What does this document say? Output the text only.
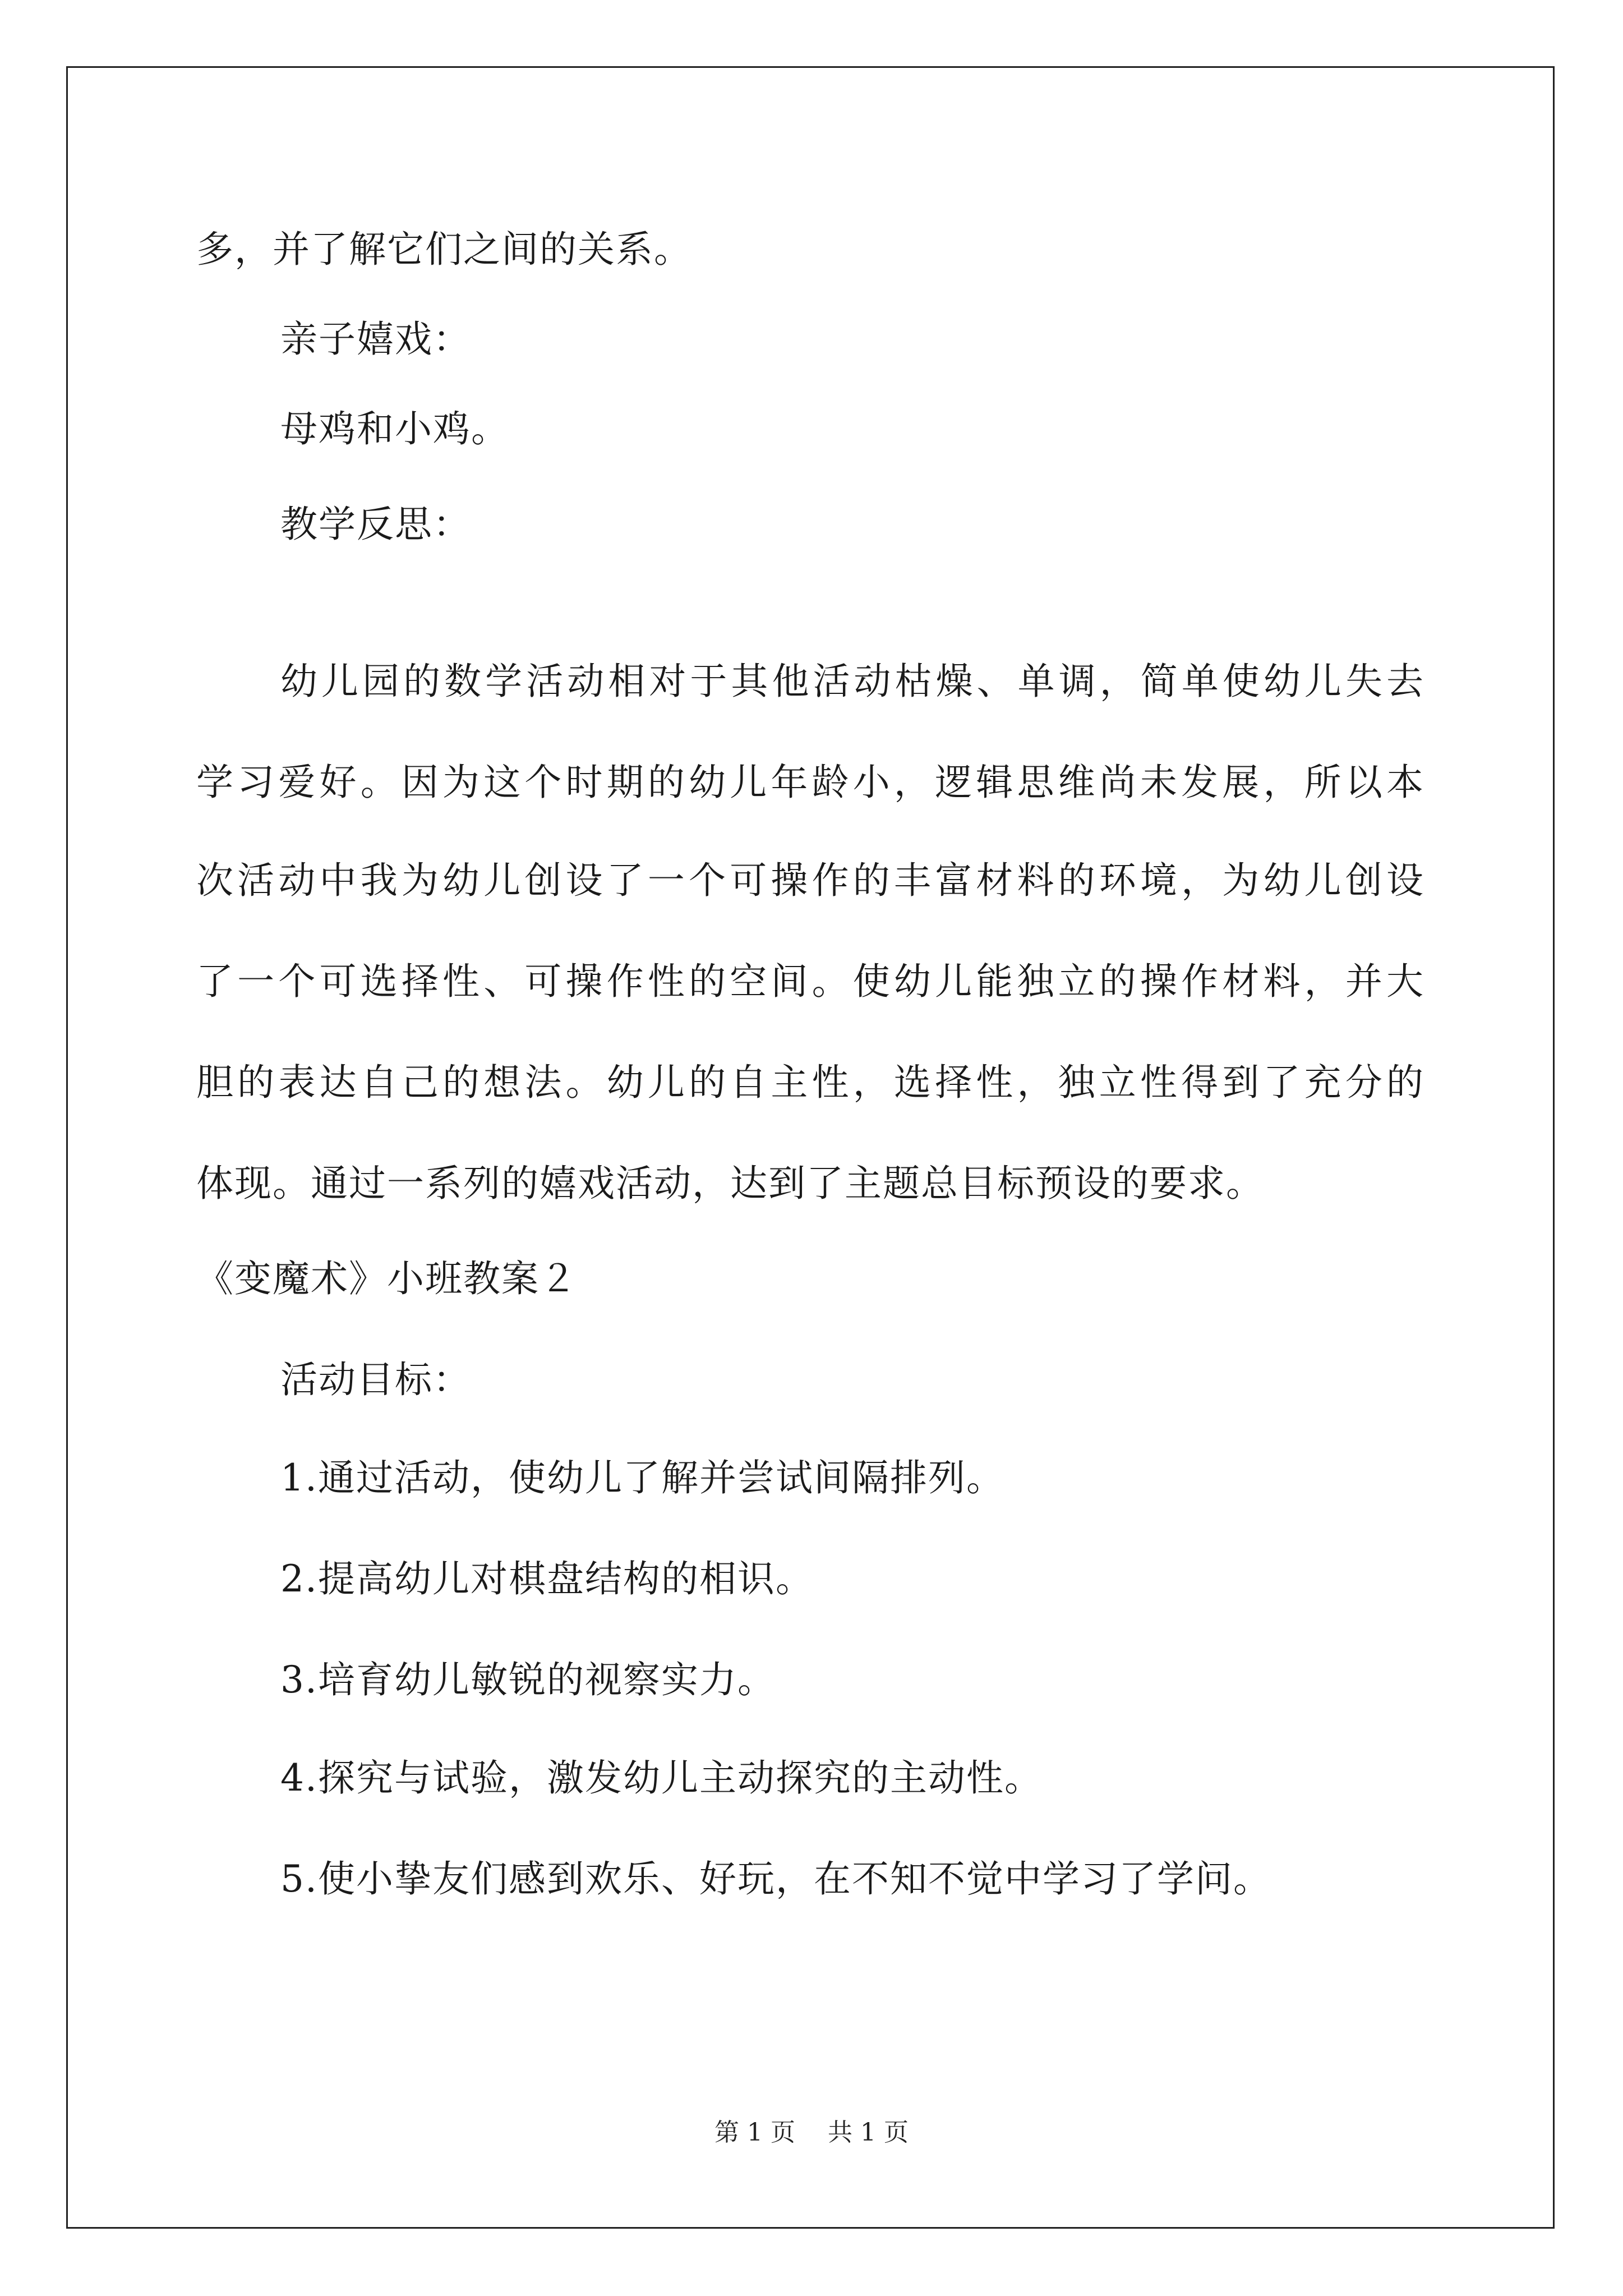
多，并了解它们之间的关系。
亲子嬉戏：
母鸡和小鸡。
教学反思：
幼儿园的数学活动相对于其他活动枯燥、单调，简单使幼儿失去
学习爱好。因为这个时期的幼儿年龄小，逻辑思维尚未发展，所以本
次活动中我为幼儿创设了一个可操作的丰富材料的环境，为幼儿创设
了一个可选择性、可操作性的空间。使幼儿能独立的操作材料，并大
胆的表达自己的想法。幼儿的自主性，选择性，独立性得到了充分的
体现。通过一系列的嬉戏活动，达到了主题总目标预设的要求。
《变魔术》小班教案２
活动目标：
1.通过活动，使幼儿了解并尝试间隔排列。
2.提高幼儿对棋盘结构的相识。
3.培育幼儿敏锐的视察实力。
4.探究与试验，激发幼儿主动探究的主动性。
5.使小挚友们感到欢乐、好玩，在不知不觉中学习了学问。
第 1 页　 共 1 页
